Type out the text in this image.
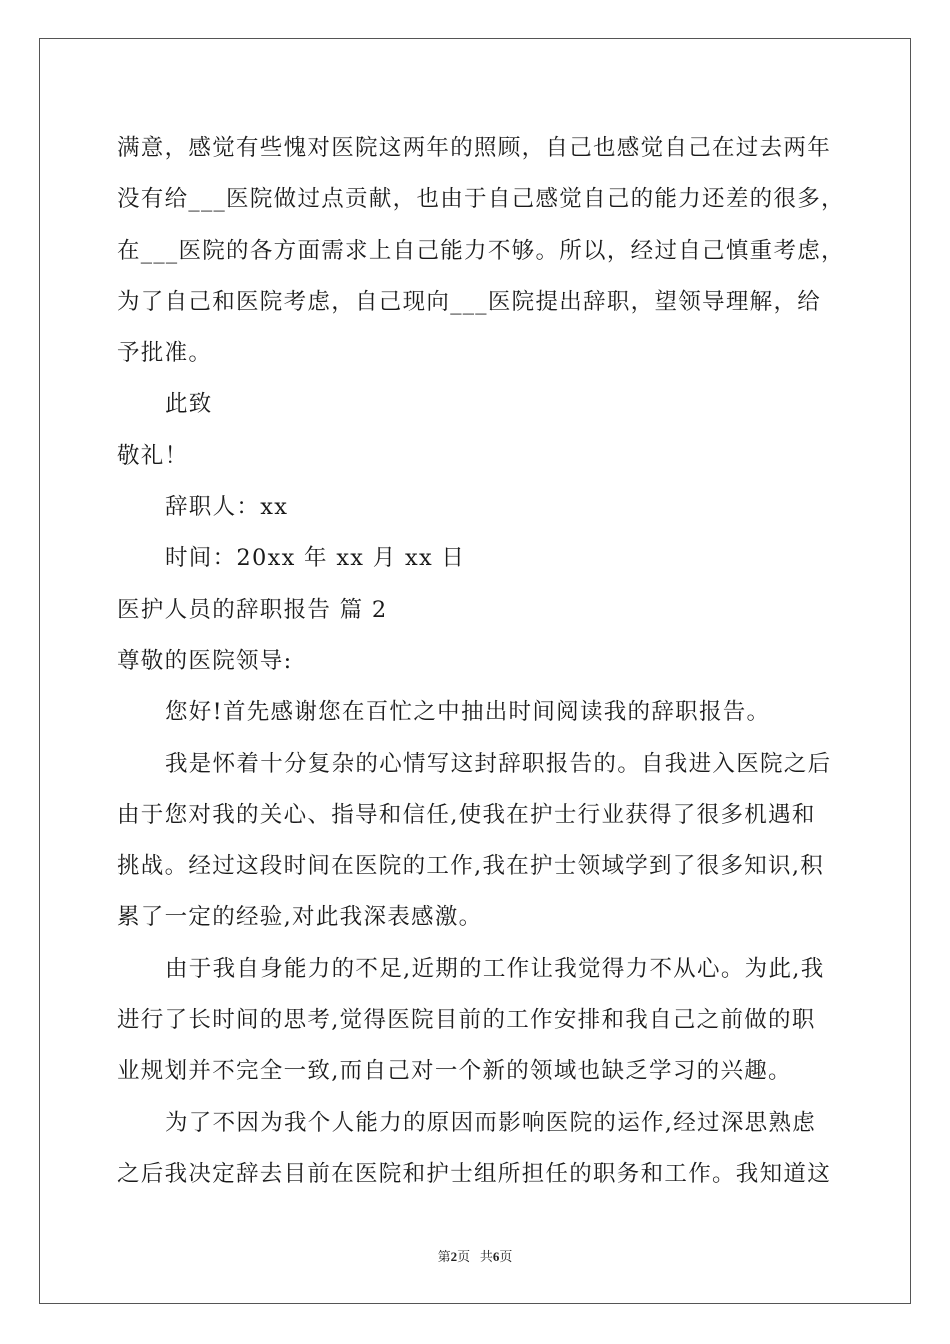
满意，感觉有些愧对医院这两年的照顾，自己也感觉自己在过去两年
没有给___医院做过点贡献，也由于自己感觉自己的能力还差的很多，
在___医院的各方面需求上自己能力不够。所以，经过自己慎重考虑，
为了自己和医院考虑，自己现向___医院提出辞职，望领导理解，给
予批准。
此致
敬礼！
辞职人：xx
时间：20xx 年 xx 月 xx 日
医护人员的辞职报告 篇 2
尊敬的医院领导:
您好!首先感谢您在百忙之中抽出时间阅读我的辞职报告。
我是怀着十分复杂的心情写这封辞职报告的。自我进入医院之后
由于您对我的关心、指导和信任,使我在护士行业获得了很多机遇和
挑战。经过这段时间在医院的工作,我在护士领域学到了很多知识,积
累了一定的经验,对此我深表感激。
由于我自身能力的不足,近期的工作让我觉得力不从心。为此,我
进行了长时间的思考,觉得医院目前的工作安排和我自己之前做的职
业规划并不完全一致,而自己对一个新的领域也缺乏学习的兴趣。
为了不因为我个人能力的原因而影响医院的运作,经过深思熟虑
之后我决定辞去目前在医院和护士组所担任的职务和工作。我知道这
第2页 共6页
